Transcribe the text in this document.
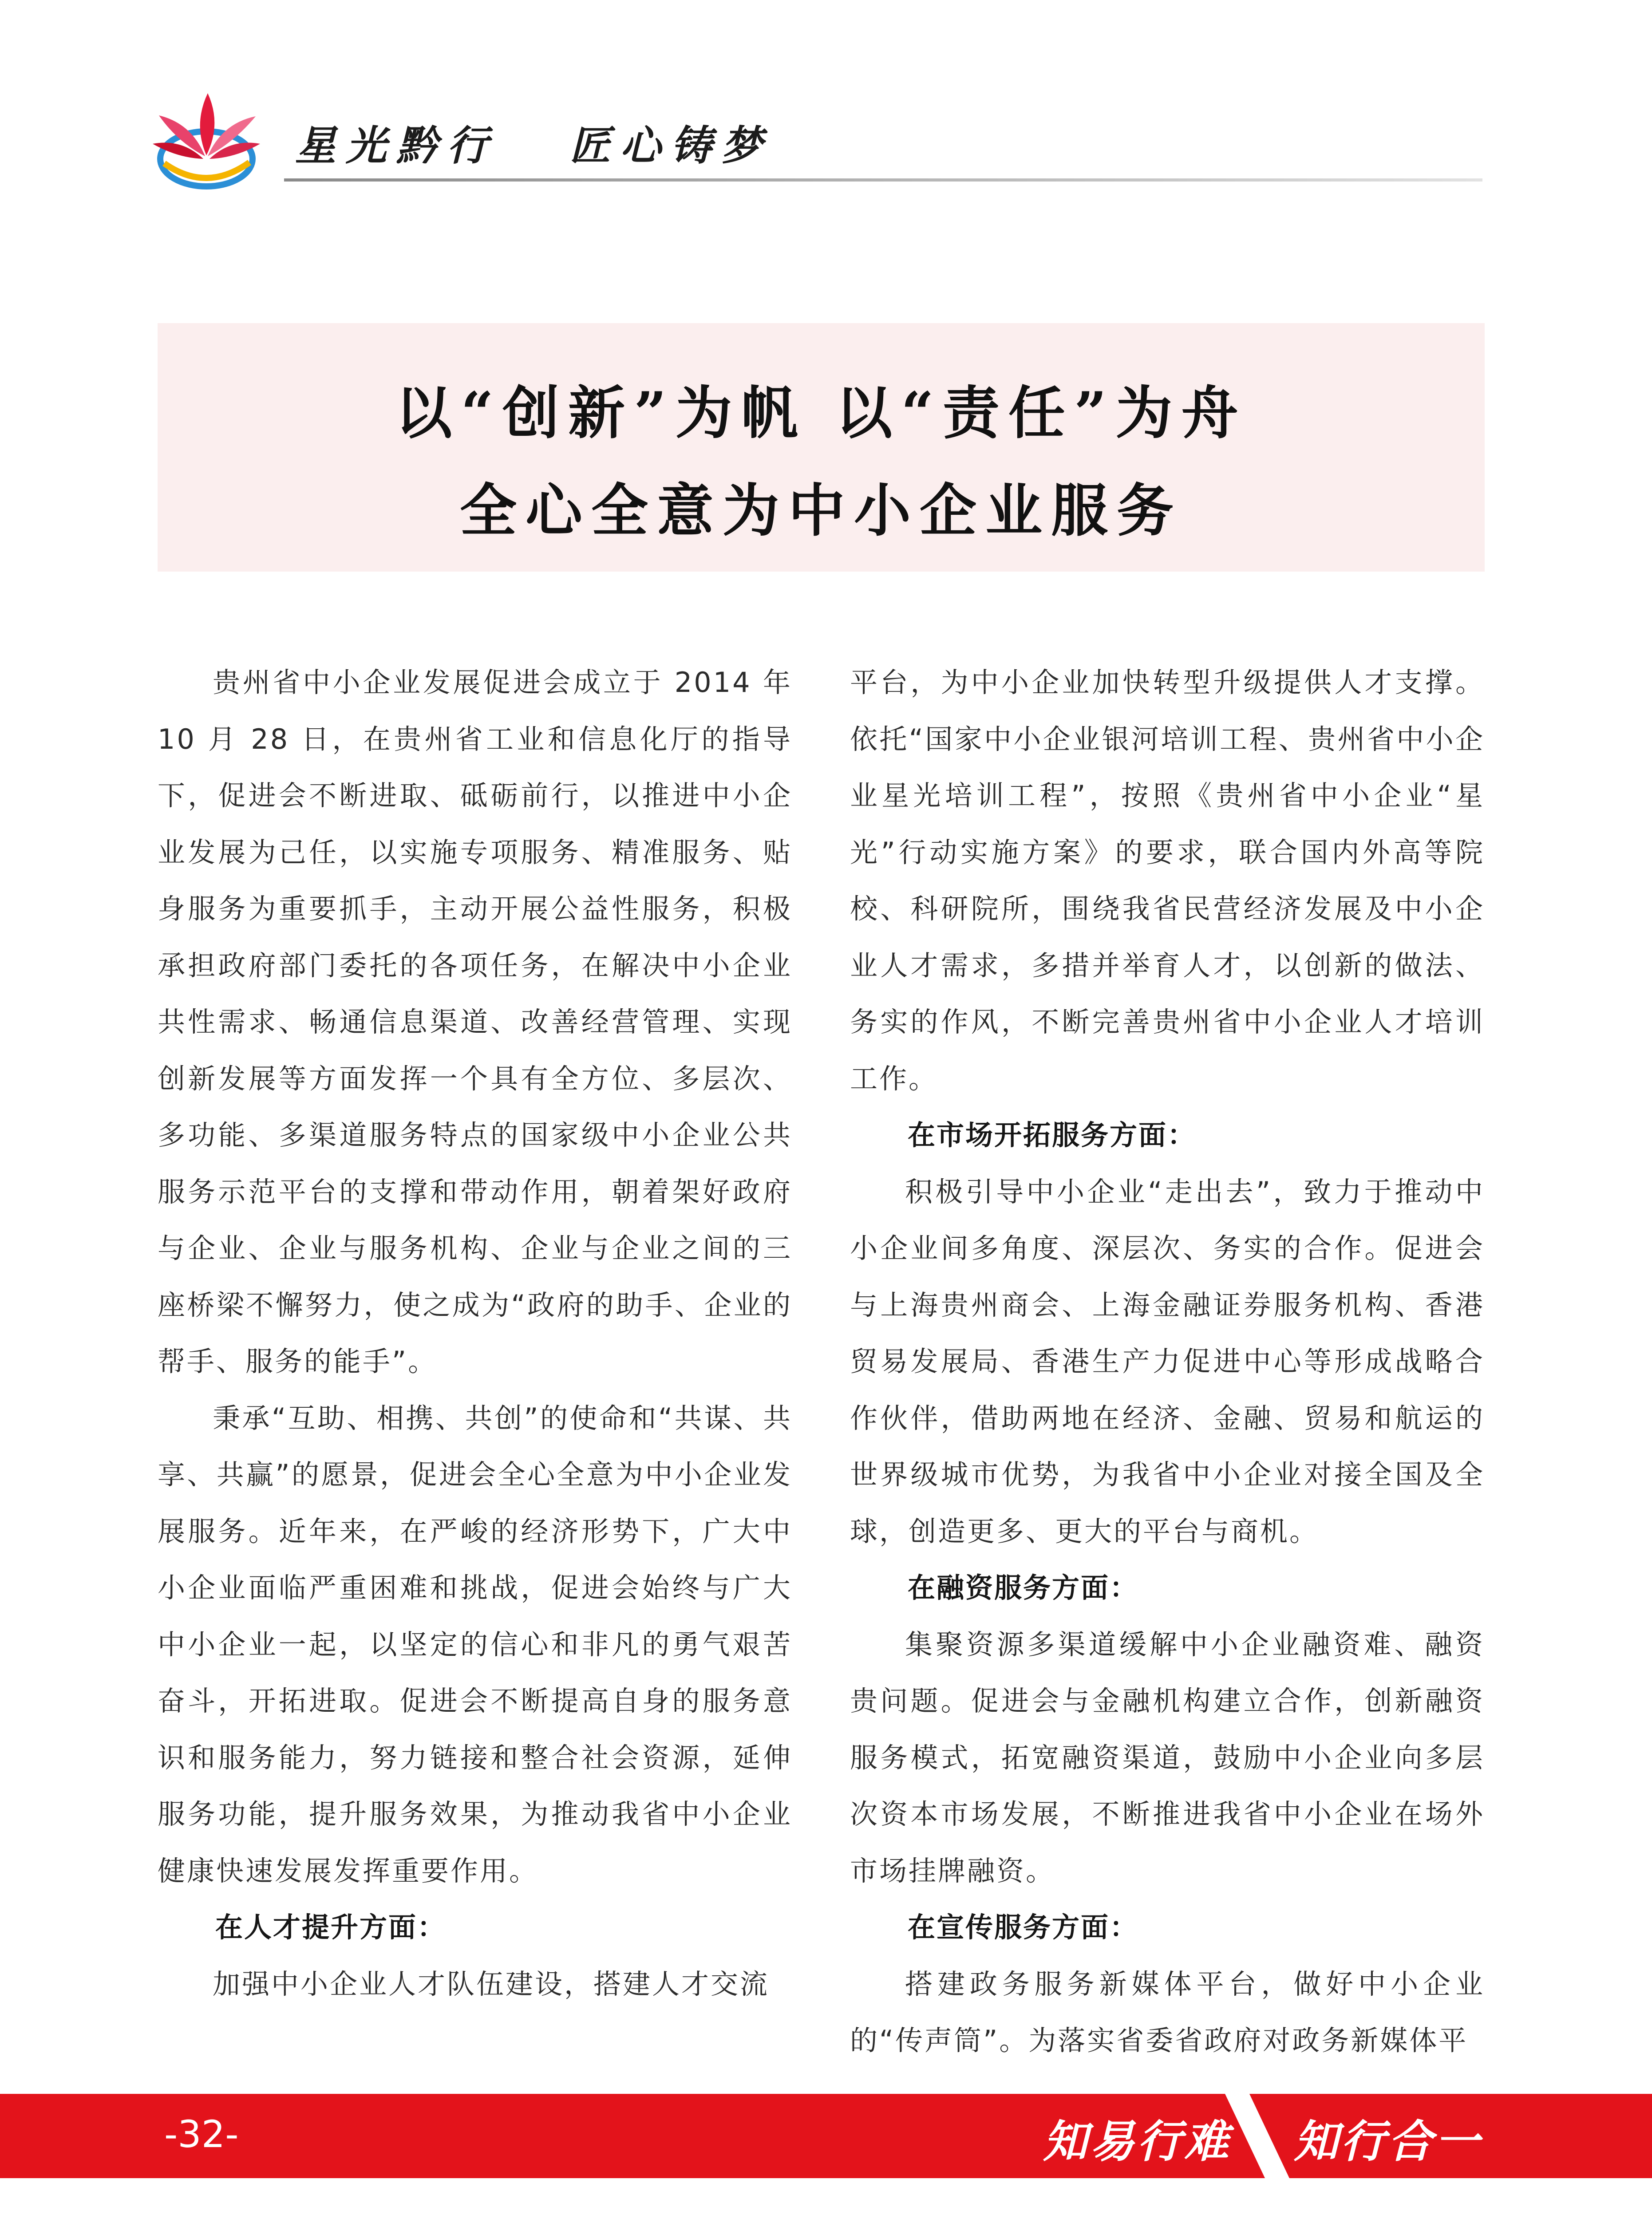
星光黔行   匠心铸梦
以“创新”为帆 以“责任”为舟
全心全意为中小企业服务

贵州省中小企业发展促进会成立于 2014 年 10 月 28 日，在贵州省工业和信息化厅的指导下，促进会不断进取、砥砺前行，以推进中小企业发展为己任，以实施专项服务、精准服务、贴身服务为重要抓手，主动开展公益性服务，积极承担政府部门委托的各项任务，在解决中小企业共性需求、畅通信息渠道、改善经营管理、实现创新发展等方面发挥一个具有全方位、多层次、多功能、多渠道服务特点的国家级中小企业公共服务示范平台的支撑和带动作用，朝着架好政府与企业、企业与服务机构、企业与企业之间的三座桥梁不懈努力，使之成为“政府的助手、企业的帮手、服务的能手”。

秉承“互助、相携、共创”的使命和“共谋、共享、共赢”的愿景，促进会全心全意为中小企业发展服务。近年来，在严峻的经济形势下，广大中小企业面临严重困难和挑战，促进会始终与广大中小企业一起，以坚定的信心和非凡的勇气艰苦奋斗，开拓进取。促进会不断提高自身的服务意识和服务能力，努力链接和整合社会资源，延伸服务功能，提升服务效果，为推动我省中小企业健康快速发展发挥重要作用。

在人才提升方面：

加强中小企业人才队伍建设，搭建人才交流

平台，为中小企业加快转型升级提供人才支撑。依托“国家中小企业银河培训工程、贵州省中小企业星光培训工程”，按照《贵州省中小企业“星光”行动实施方案》的要求，联合国内外高等院校、科研院所，围绕我省民营经济发展及中小企业人才需求，多措并举育人才，以创新的做法、务实的作风，不断完善贵州省中小企业人才培训工作。

在市场开拓服务方面：

积极引导中小企业“走出去”，致力于推动中小企业间多角度、深层次、务实的合作。促进会与上海贵州商会、上海金融证券服务机构、香港贸易发展局、香港生产力促进中心等形成战略合作伙伴，借助两地在经济、金融、贸易和航运的世界级城市优势，为我省中小企业对接全国及全球，创造更多、更大的平台与商机。

在融资服务方面：

集聚资源多渠道缓解中小企业融资难、融资贵问题。促进会与金融机构建立合作，创新融资服务模式，拓宽融资渠道，鼓励中小企业向多层次资本市场发展，不断推进我省中小企业在场外市场挂牌融资。

在宣传服务方面：

搭建政务服务新媒体平台，做好中小企业的“传声筒”。为落实省委省政府对政务新媒体平

-32-	知易行难 知行合一
